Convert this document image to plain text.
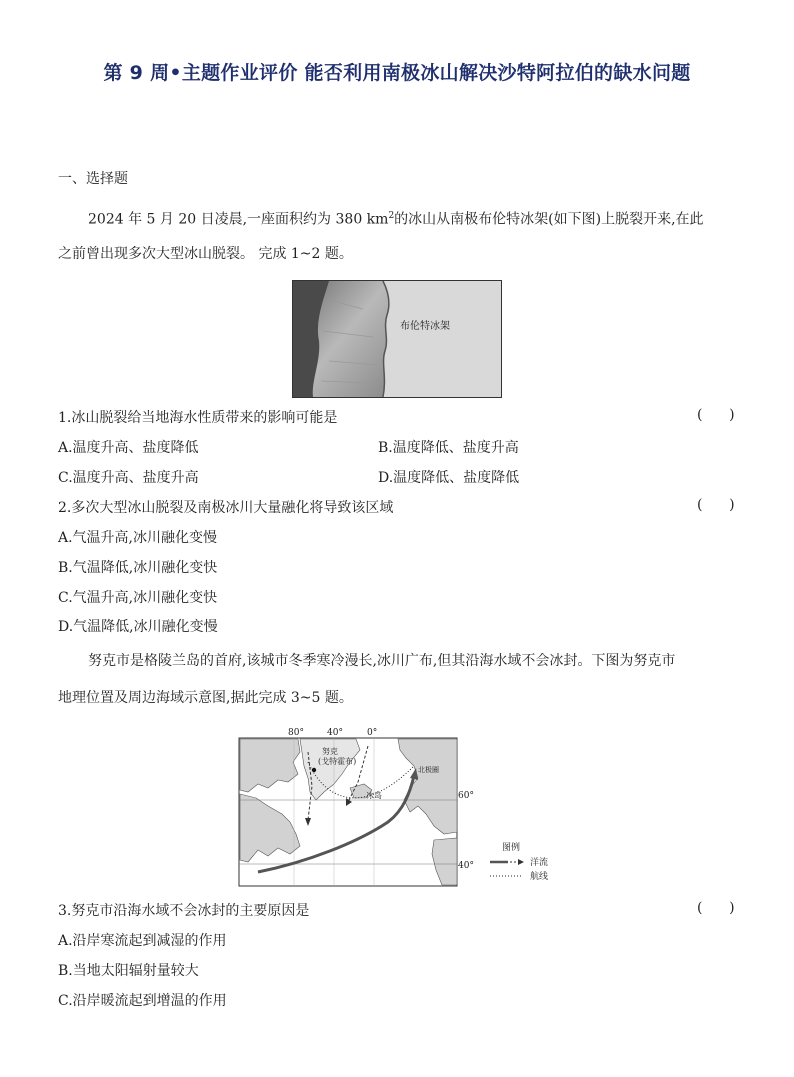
第 9 周•主题作业评价 能否利用南极冰山解决沙特阿拉伯的缺水问题
一、选择题
2024 年 5 月 20 日凌晨,一座面积约为 380 $km^2$的冰山从南极布伦特冰架(如下图)上脱裂开来,在此
之前曾出现多次大型冰山脱裂。 完成 1~2 题。
布伦特冰架
1.冰山脱裂给当地海水性质带来的影响可能是	(      )
A.温度升高、盐度降低	B.温度降低、盐度升高
C.温度升高、盐度升高	D.温度降低、盐度降低
2.多次大型冰山脱裂及南极冰川大量融化将导致该区域	(      )
A.气温升高,冰川融化变慢
B.气温降低,冰川融化变快
C.气温升高,冰川融化变快
D.气温降低,冰川融化变慢
努克市是格陵兰岛的首府,该城市冬季寒冷漫长,冰川广布,但其沿海水域不会冰封。下图为努克市
地理位置及周边海域示意图,据此完成 3~5 题。
80°	40°	0°
努克
(戈特霍布)
北极圈
冰岛	60°
40°
图例
洋流
航线
3.努克市沿海水域不会冰封的主要原因是	(      )
A.沿岸寒流起到减湿的作用
B.当地太阳辐射量较大
C.沿岸暖流起到增温的作用
